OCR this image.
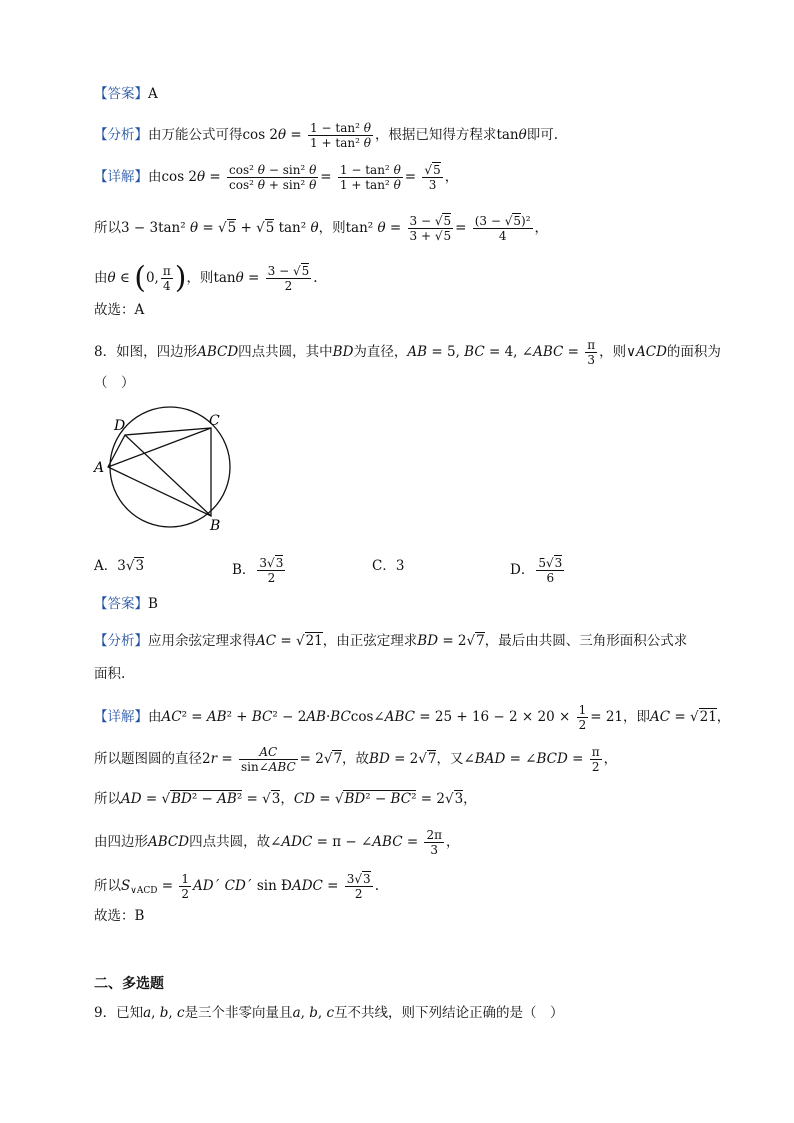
【答案】A
【分析】由万能公式可得$\cos 2\theta = \frac{\text{1 − tan² θ}}{\text{1 + tan² θ}}$ ，根据已知得方程求tanθ即可.
【详解】由$\cos 2\theta = \frac{\text{cos² θ − sin² θ}}{\text{cos² θ + sin² θ}} = \frac{\text{1 − tan² θ}}{\text{1 + tan² θ}} = \frac{√5}{3}$ ，
所以3 − 3tan² θ = √5 + √5 tan² θ，则tan² $\theta = \frac{3 - √5}{3 + √5} = \frac{\text{(3 − √5)²}}{4}$ ，
由θ ∈ (0, $\frac{\pi}{4}$ )，则$\tan\theta = \frac{3 - √5}{2}$ .
故选：A
8．如图，四边形ABCD四点共圆，其中BD为直径，AB = 5, BC = 4, ∠ABC = $\frac{\pi}{3}$ ，则∨ACD的面积为
（　）
D	C
A
B
A．3√3	B． $\frac{3√3}{2}$	C．3	D． $\frac{5√3}{6}$
【答案】B
【分析】应用余弦定理求得AC = √21，由正弦定理求BD = 2√7，最后由共圆、三角形面积公式求
面积.
【详解】由AC² = AB² + BC² − 2AB·BCcos∠ABC = $25 + 16 - 2 \times 20 \times \frac{1}{2} = 21$，即AC = √21，
所以题图圆的直径$2r = \frac{AC}{\text{sin∠ABC}} = 2√7$，故BD = 2√7，又∠BAD = ∠BCD = $\frac{\pi}{2}$ ，
所以AD = √BD² − AB² = √3，CD = √BD² − BC² = 2√3，
由四边形ABCD四点共圆，故∠ADC = π − ∠ABC = $\frac{2\pi}{3}$ ，
所以$S_{\vee ACD} = \frac{1}{2}$ AD´ CD´ sin ÐADC = $\frac{3√3}{2}$ .
故选：B
二、多选题
9．已知a, b, c是三个非零向量且a, b, c互不共线，则下列结论正确的是（　）
